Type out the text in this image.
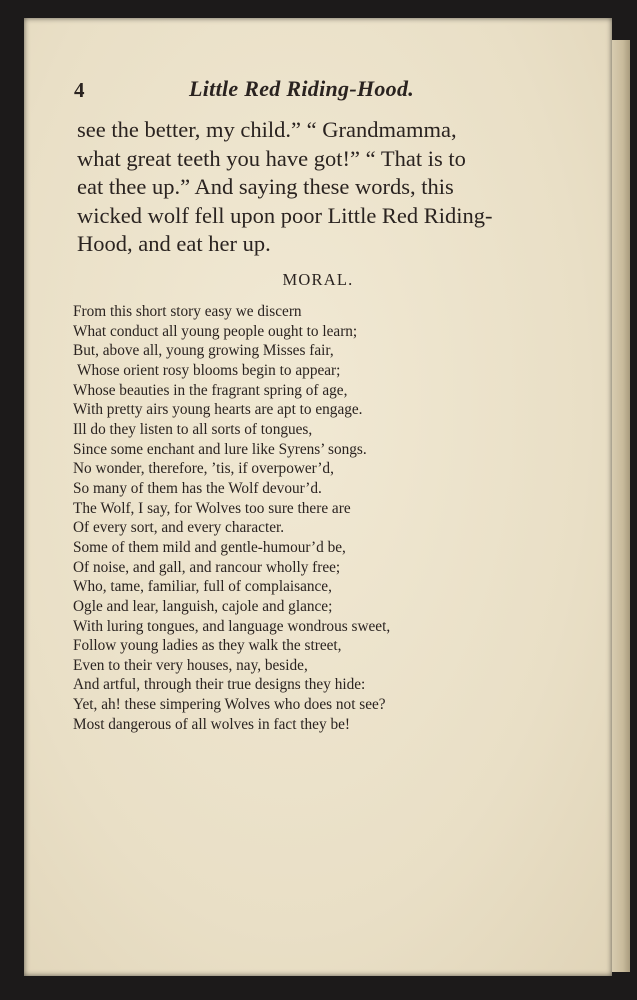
4	Little Red Riding-Hood.
see the better, my child.” “ Grandmamma,
what great teeth you have got!” “ That is to
eat thee up.” And saying these words, this
wicked wolf fell upon poor Little Red Riding-
Hood, and eat her up.
MORAL.
From this short story easy we discern
What conduct all young people ought to learn;
But, above all, young growing Misses fair,
Whose orient rosy blooms begin to appear;
Whose beauties in the fragrant spring of age,
With pretty airs young hearts are apt to engage.
Ill do they listen to all sorts of tongues,
Since some enchant and lure like Syrens’ songs.
No wonder, therefore, ’tis, if overpower’d,
So many of them has the Wolf devour’d.
The Wolf, I say, for Wolves too sure there are
Of every sort, and every character.
Some of them mild and gentle-humour’d be,
Of noise, and gall, and rancour wholly free;
Who, tame, familiar, full of complaisance,
Ogle and lear, languish, cajole and glance;
With luring tongues, and language wondrous sweet,
Follow young ladies as they walk the street,
Even to their very houses, nay, beside,
And artful, through their true designs they hide:
Yet, ah! these simpering Wolves who does not see?
Most dangerous of all wolves in fact they be!
